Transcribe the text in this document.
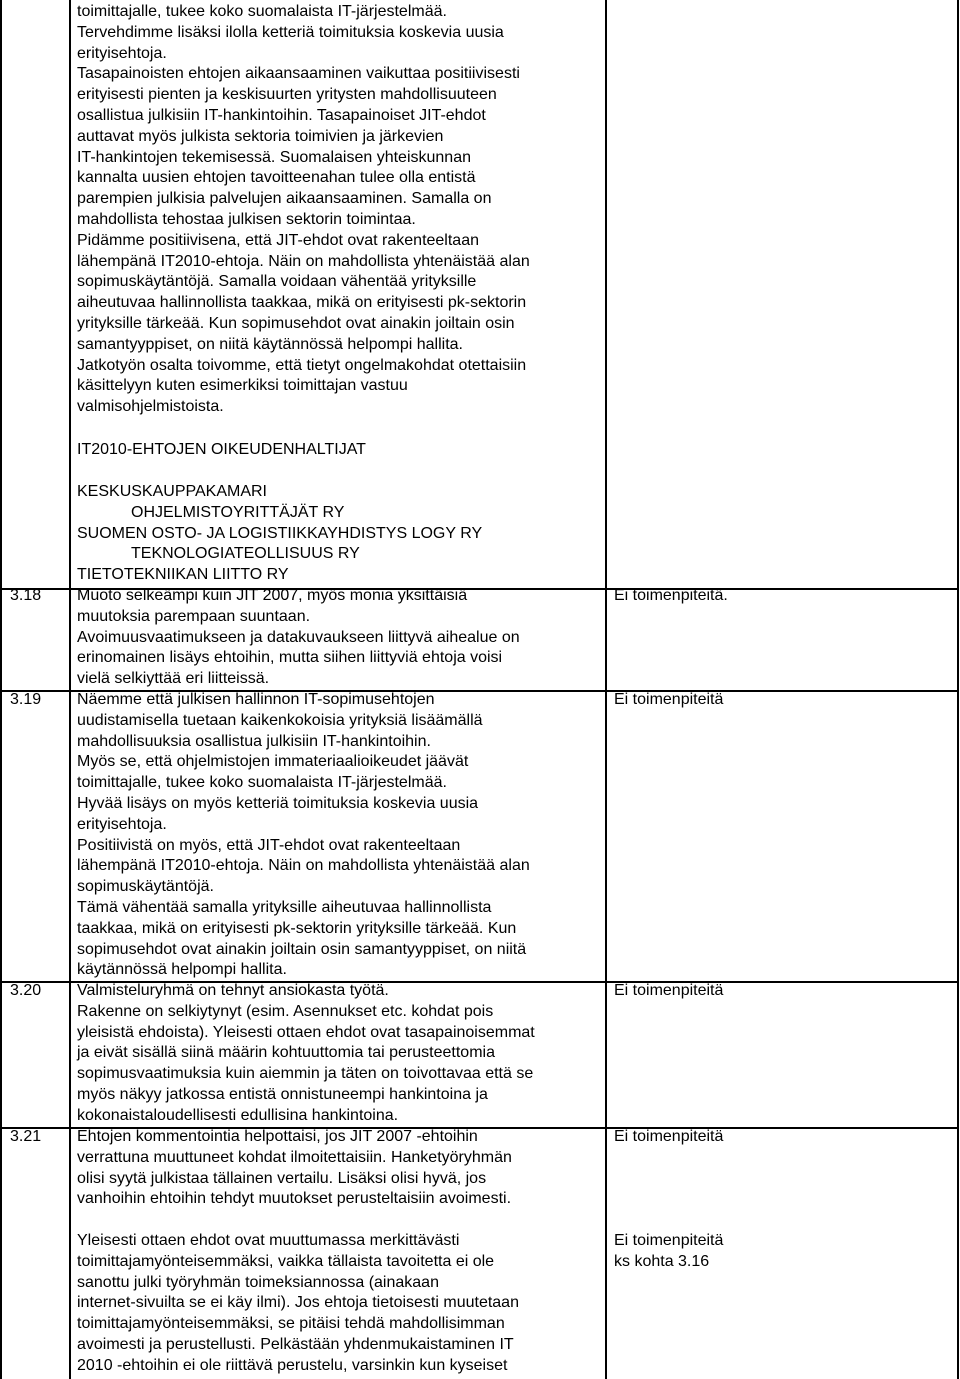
toimittajalle, tukee koko suomalaista IT-järjestelmää.

Tervehdimme lisäksi ilolla ketteriä toimituksia koskevia uusia

erityisehtoja.

Tasapainoisten ehtojen aikaansaaminen vaikuttaa positiivisesti

erityisesti pienten ja keskisuurten yritysten mahdollisuuteen

osallistua julkisiin IT-hankintoihin. Tasapainoiset JIT-ehdot

auttavat myös julkista sektoria toimivien ja järkevien

IT-hankintojen tekemisessä. Suomalaisen yhteiskunnan

kannalta uusien ehtojen tavoitteenahan tulee olla entistä

parempien julkisia palvelujen aikaansaaminen. Samalla on

mahdollista tehostaa julkisen sektorin toimintaa.

Pidämme positiivisena, että JIT-ehdot ovat rakenteeltaan

lähempänä IT2010-ehtoja. Näin on mahdollista yhtenäistää alan

sopimuskäytäntöjä. Samalla voidaan vähentää yrityksille

aiheutuvaa hallinnollista taakkaa, mikä on erityisesti pk-sektorin

yrityksille tärkeää. Kun sopimusehdot ovat ainakin joiltain osin

samantyyppiset, on niitä käytännössä helpompi hallita.

Jatkotyön osalta toivomme, että tietyt ongelmakohdat otettaisiin

käsittelyyn kuten esimerkiksi toimittajan vastuu

valmisohjelmistoista.

IT2010-EHTOJEN OIKEUDENHALTIJAT

KESKUSKAUPPAKAMARI

OHJELMISTOYRITTÄJÄT RY

SUOMEN OSTO- JA LOGISTIIKKAYHDISTYS LOGY RY

TEKNOLOGIATEOLLISUUS RY

TIETOTEKNIIKAN LIITTO RY

3.18 Muoto selkeämpi kuin JIT 2007, myös monia yksittäisiä

muutoksia parempaan suuntaan.

Avoimuusvaatimukseen ja datakuvaukseen liittyvä aihealue on

erinomainen lisäys ehtoihin, mutta siihen liittyviä ehtoja voisi

vielä selkiyttää eri liitteissä.

Ei toimenpiteitä.

3.19 Näemme että julkisen hallinnon IT-sopimusehtojen

uudistamisella tuetaan kaikenkokoisia yrityksiä lisäämällä

mahdollisuuksia osallistua julkisiin IT-hankintoihin.

Myös se, että ohjelmistojen immateriaalioikeudet jäävät

toimittajalle, tukee koko suomalaista IT-järjestelmää.

Hyvää lisäys on myös ketteriä toimituksia koskevia uusia

erityisehtoja.

Positiivistä on myös, että JIT-ehdot ovat rakenteeltaan

lähempänä IT2010-ehtoja. Näin on mahdollista yhtenäistää alan

sopimuskäytäntöjä.

Tämä vähentää samalla yrityksille aiheutuvaa hallinnollista

taakkaa, mikä on erityisesti pk-sektorin yrityksille tärkeää. Kun

sopimusehdot ovat ainakin joiltain osin samantyyppiset, on niitä

käytännössä helpompi hallita.

Ei toimenpiteitä

3.20 Valmisteluryhmä on tehnyt ansiokasta työtä.

Rakenne on selkiytynyt (esim. Asennukset etc. kohdat pois

yleisistä ehdoista). Yleisesti ottaen ehdot ovat tasapainoisemmat

ja eivät sisällä siinä määrin kohtuuttomia tai perusteettomia

sopimusvaatimuksia kuin aiemmin ja täten on toivottavaa että se

myös näkyy jatkossa entistä onnistuneempi hankintoina ja

kokonaistaloudellisesti edullisina hankintoina.

Ei toimenpiteitä

3.21 Ehtojen kommentointia helpottaisi, jos JIT 2007 -ehtoihin

verrattuna muuttuneet kohdat ilmoitettaisiin. Hanketyöryhmän

olisi syytä julkistaa tällainen vertailu. Lisäksi olisi hyvä, jos

vanhoihin ehtoihin tehdyt muutokset perusteltaisiin avoimesti.

Ei toimenpiteitä

Yleisesti ottaen ehdot ovat muuttumassa merkittävästi

toimittajamyönteisemmäksi, vaikka tällaista tavoitetta ei ole

sanottu julki työryhmän toimeksiannossa (ainakaan

internet-sivuilta se ei käy ilmi). Jos ehtoja tietoisesti muutetaan

toimittajamyönteisemmäksi, se pitäisi tehdä mahdollisimman

avoimesti ja perustellusti. Pelkästään yhdenmukaistaminen IT

2010 -ehtoihin ei ole riittävä perustelu, varsinkin kun kyseiset

Ei toimenpiteitä

ks kohta 3.16
